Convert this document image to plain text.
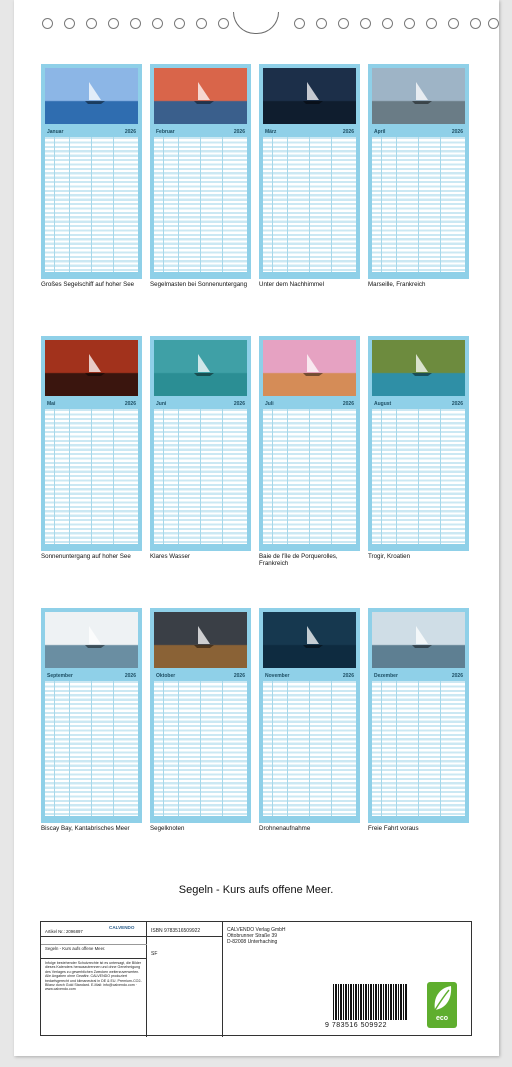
Januar	2026
Großes Segelschiff auf hoher See
Februar	2026
Segelmasten bei Sonnenuntergang
März	2026
Unter dem Nachhimmel
April	2026
Marseille, Frankreich
Mai	2026
Sonnenuntergang auf hoher See
Juni	2026
Klares Wasser
Juli	2026
Baie de l'île de Porquerolles, Frankreich
August	2026
Trogir, Kroatien
September	2026
Biscay Bay, Kantabrisches Meer
Oktober	2026
Segelknoten
November	2026
Drohnenaufnahme
Dezember	2026
Freie Fahrt voraus
Segeln - Kurs aufs offene Meer.
Artikel Nr.: 2096897
CALVENDO
Segeln - Kurs aufs offene Meer.
Infolge bestehender Schutzrechte ist es untersagt, die Bilder dieses Kalenders herauszutrennen und ohne Genehmigung des Verlages zu gewerblichen Zwecken weiterzuverwerten. Alle Angaben ohne Gewähr. CALVENDO produziert bedarfsgerecht und klimaneutral in DE & EU. Premium-CO2-Bilanz durch Gold Standard. E-Mail: info@calvendo.com · www.calvendo.com
ISBN 9783516509922
SF
CALVENDO Verlag GmbH
Ottobrunner Straße 39
D-82008 Unterhaching
9 783516 509922
eco
